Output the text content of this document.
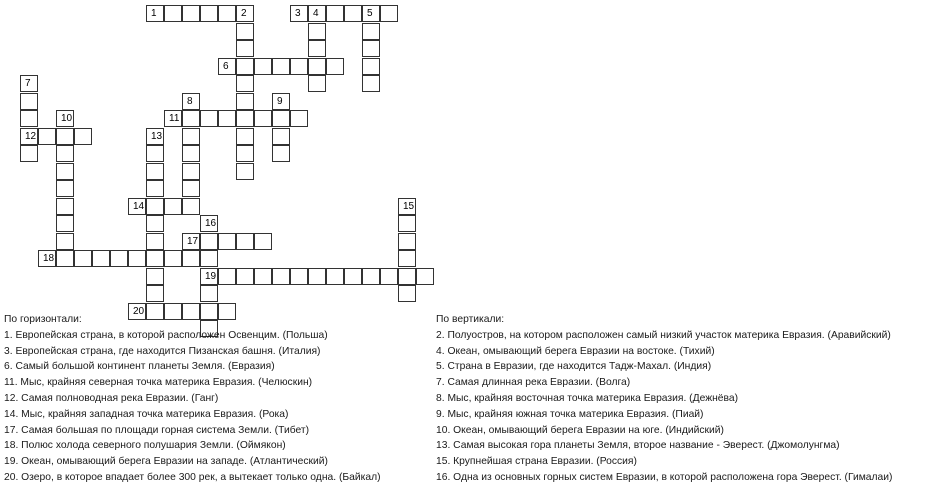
1	2	3 4	5
6
7
12
8	9
10	11
13
14	15
16
19
17
18
20
По горизонтали:
1. Европейская страна, в которой расположен Освенцим. (Польша)
3. Европейская страна, где находится Пизанская башня. (Италия)
6. Самый большой континент планеты Земля. (Евразия)
11. Мыс, крайняя северная точка материка Евразия. (Челюскин)
12. Самая полноводная река Евразии. (Ганг)
14. Мыс, крайняя западная точка материка Евразия. (Рока)
17. Самая большая по площади горная система Земли. (Тибет)
18. Полюс холода северного полушария Земли. (Оймякон)
19. Океан, омывающий берега Евразии на западе. (Атлантический)
20. Озеро, в которое впадает более 300 рек, а вытекает только одна. (Байкал)
По вертикали:
2. Полуостров, на котором расположен самый низкий участок материка Евразия. (Аравийский)
4. Океан, омывающий берега Евразии на востоке. (Тихий)
5. Страна в Евразии, где находится Тадж-Махал. (Индия)
7. Самая длинная река Евразии. (Волга)
8. Мыс, крайняя восточная точка материка Евразия. (Дежнёва)
9. Мыс, крайняя южная точка материка Евразия. (Пиай)
10. Океан, омывающий берега Евразии на юге. (Индийский)
13. Самая высокая гора планеты Земля, второе название - Эверест. (Джомолунгма)
15. Крупнейшая страна Евразии. (Россия)
16. Одна из основных горных систем Евразии, в которой расположена гора Эверест. (Гималаи)
